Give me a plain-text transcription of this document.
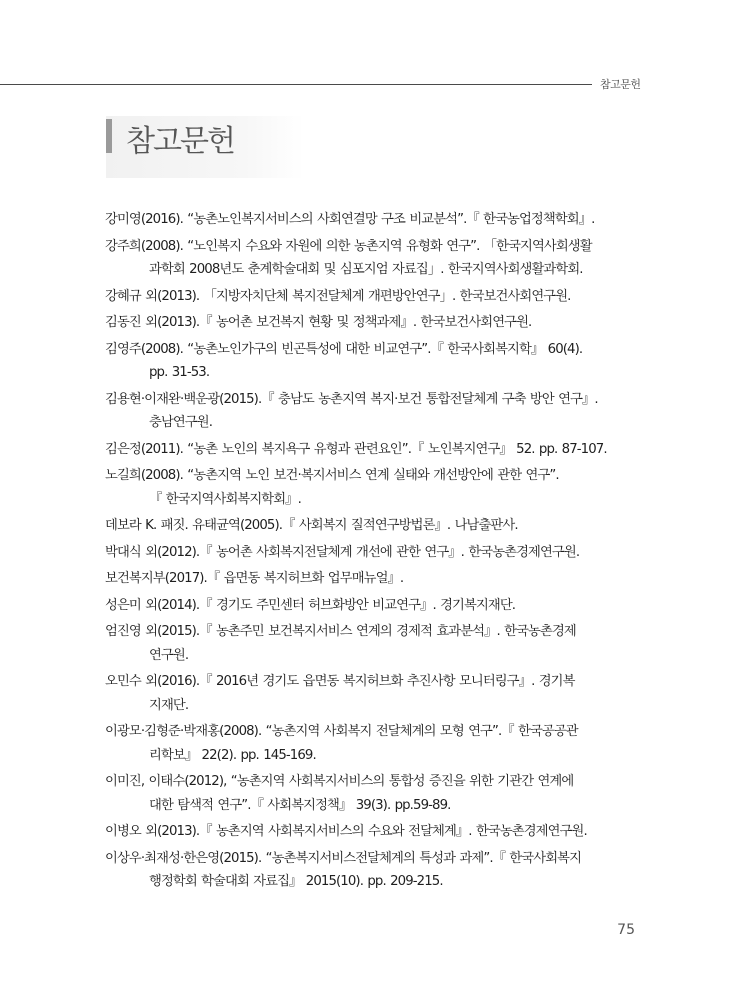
참고문헌
참고문헌
강미영(2016). “농촌노인복지서비스의 사회연결망 구조 비교분석”.『 한국농업정책학회』.
강주희(2008). “노인복지 수요와 자원에 의한 농촌지역 유형화 연구”. 「한국지역사회생활
과학회 2008년도 춘계학술대회 및 심포지엄 자료집」. 한국지역사회생활과학회.
강혜규 외(2013). 「지방자치단체 복지전달체계 개편방안연구」. 한국보건사회연구원.
김동진 외(2013).『 농어촌 보건복지 현황 및 정책과제』. 한국보건사회연구원.
김영주(2008). “농촌노인가구의 빈곤특성에 대한 비교연구”.『 한국사회복지학』 60(4).
pp. 31-53.
김용현·이재완·백운광(2015).『 충남도 농촌지역 복지·보건 통합전달체계 구축 방안 연구』.
충남연구원.
김은정(2011). “농촌 노인의 복지욕구 유형과 관련요인”.『 노인복지연구』 52. pp. 87-107.
노길희(2008). “농촌지역 노인 보건·복지서비스 연계 실태와 개선방안에 관한 연구”.
『 한국지역사회복지학회』.
데보라 K. 패짓. 유태균역(2005).『 사회복지 질적연구방법론』. 나남출판사.
박대식 외(2012).『 농어촌 사회복지전달체계 개선에 관한 연구』. 한국농촌경제연구원.
보건복지부(2017).『 읍면동 복지허브화 업무매뉴얼』.
성은미 외(2014).『 경기도 주민센터 허브화방안 비교연구』. 경기복지재단.
엄진영 외(2015).『 농촌주민 보건복지서비스 연계의 경제적 효과분석』. 한국농촌경제
연구원.
오민수 외(2016).『 2016년 경기도 읍면동 복지허브화 추진사항 모니터링구』. 경기복
지재단.
이광모·김형준·박재홍(2008). “농촌지역 사회복지 전달체계의 모형 연구”.『 한국공공관
리학보』 22(2). pp. 145-169.
이미진, 이태수(2012), “농촌지역 사회복지서비스의 통합성 증진을 위한 기관간 연계에
대한 탐색적 연구”.『 사회복지정책』 39(3). pp.59-89.
이병오 외(2013).『 농촌지역 사회복지서비스의 수요와 전달체계』. 한국농촌경제연구원.
이상우·최재성·한은영(2015). “농촌복지서비스전달체계의 특성과 과제”.『 한국사회복지
행정학회 학술대회 자료집』 2015(10). pp. 209-215.
75
